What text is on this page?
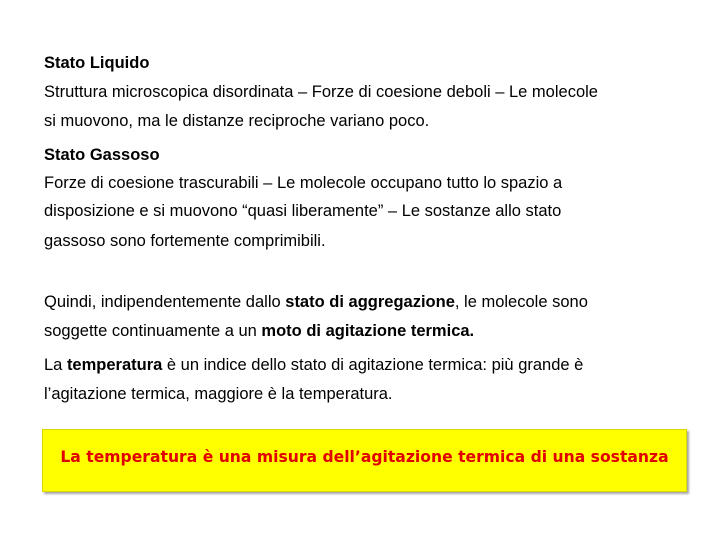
Stato Liquido

Struttura microscopica disordinata – Forze di coesione deboli – Le molecole

si muovono, ma le distanze reciproche variano poco.

Stato Gassoso

Forze di coesione trascurabili – Le molecole occupano tutto lo spazio a

disposizione e si muovono “quasi liberamente” – Le sostanze allo stato

gassoso sono fortemente comprimibili.

Quindi, indipendentemente dallo stato di aggregazione, le molecole sono

soggette continuamente a un moto di agitazione termica.

La temperatura è un indice dello stato di agitazione termica: più grande è

l’agitazione termica, maggiore è la temperatura.

La temperatura è una misura dell’agitazione termica di una sostanza
